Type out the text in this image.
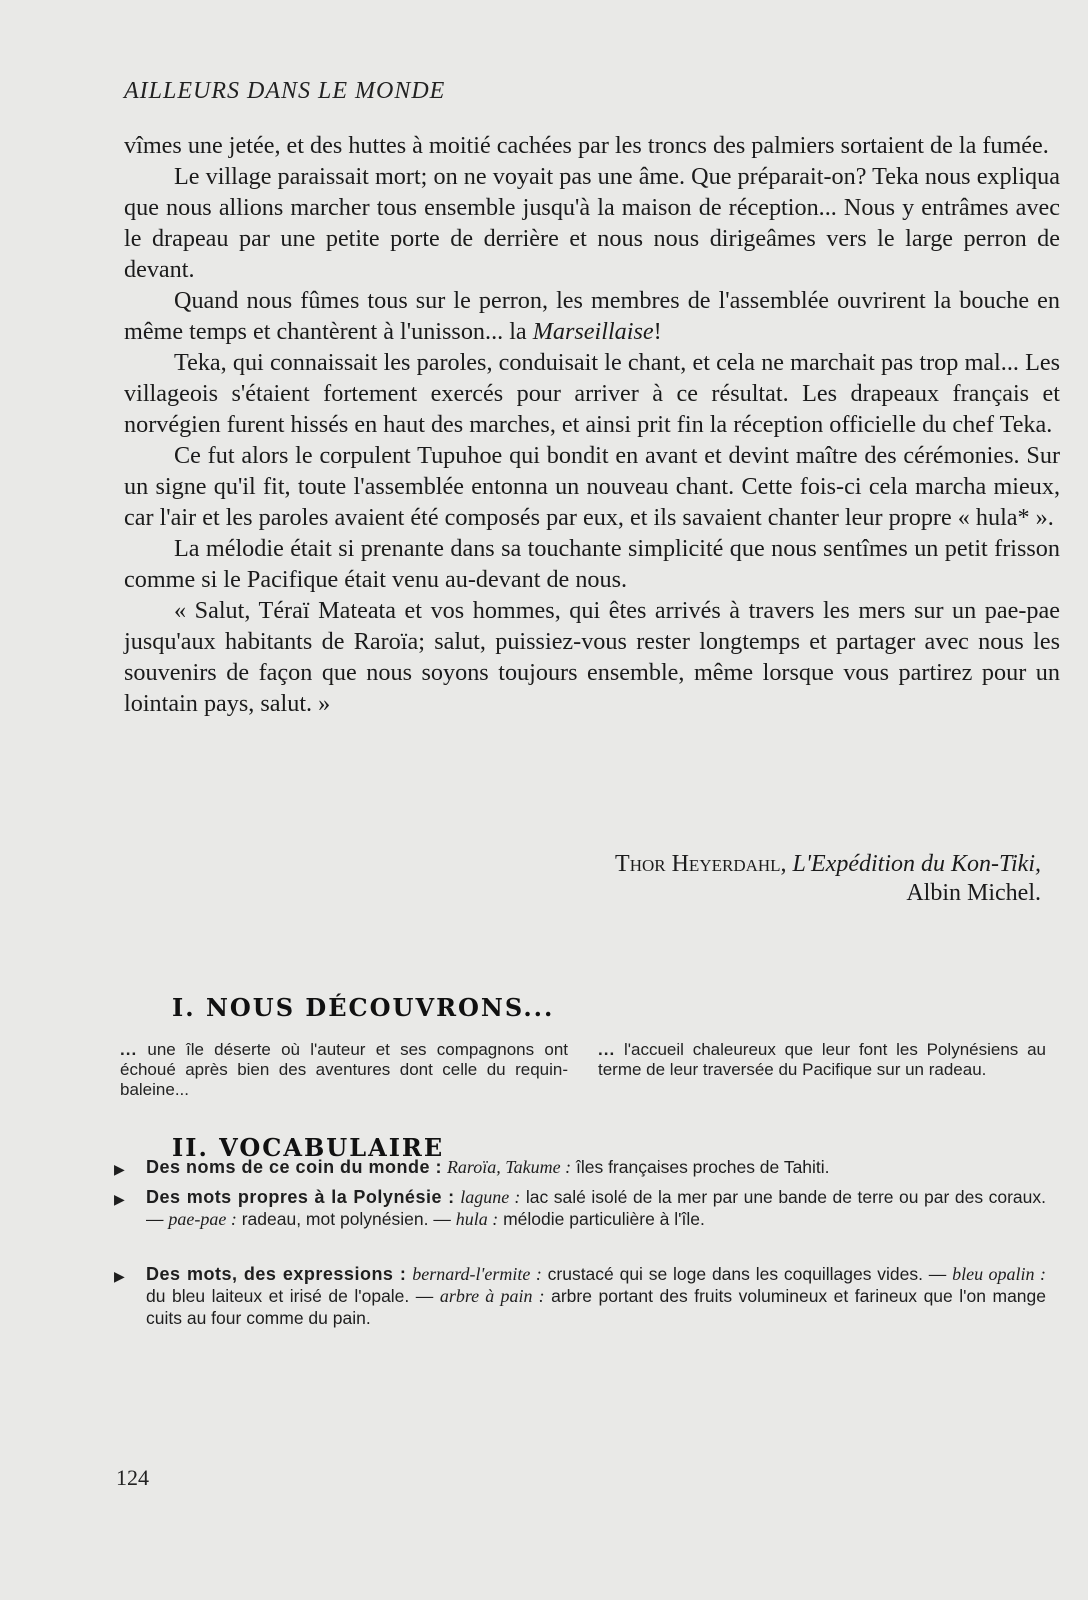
AILLEURS DANS LE MONDE

vîmes une jetée, et des huttes à moitié cachées par les troncs des palmiers sortaient de la fumée.

Le village paraissait mort; on ne voyait pas une âme. Que préparait-on? Teka nous expliqua que nous allions marcher tous ensemble jusqu'à la maison de réception... Nous y entrâmes avec le drapeau par une petite porte de derrière et nous nous dirigeâmes vers le large perron de devant.

Quand nous fûmes tous sur le perron, les membres de l'assemblée ouvrirent la bouche en même temps et chantèrent à l'unisson... la Marseillaise!

Teka, qui connaissait les paroles, conduisait le chant, et cela ne marchait pas trop mal... Les villageois s'étaient fortement exercés pour arriver à ce résultat. Les drapeaux français et norvégien furent hissés en haut des marches, et ainsi prit fin la réception officielle du chef Teka.

Ce fut alors le corpulent Tupuhoe qui bondit en avant et devint maître des cérémonies. Sur un signe qu'il fit, toute l'assemblée entonna un nouveau chant. Cette fois-ci cela marcha mieux, car l'air et les paroles avaient été composés par eux, et ils savaient chanter leur propre « hula* ».

La mélodie était si prenante dans sa touchante simplicité que nous sentîmes un petit frisson comme si le Pacifique était venu au-devant de nous.

« Salut, Téraï Mateata et vos hommes, qui êtes arrivés à travers les mers sur un pae-pae jusqu'aux habitants de Raroïa; salut, puissiez-vous rester longtemps et partager avec nous les souvenirs de façon que nous soyons toujours ensemble, même lorsque vous partirez pour un lointain pays, salut. »

Thor Heyerdahl, L'Expédition du Kon-Tiki,
Albin Michel.
I. NOUS DÉCOUVRONS...
... une île déserte où l'auteur et ses compagnons ont échoué après bien des aventures dont celle du requin-baleine...
... l'accueil chaleureux que leur font les Polynésiens au terme de leur traversée du Pacifique sur un radeau.
II. VOCABULAIRE
▶	Des noms de ce coin du monde : Raroïa, Takume : îles françaises proches de Tahiti.
▶	Des mots propres à la Polynésie : lagune : lac salé isolé de la mer par une bande de terre ou par des coraux. — pae-pae : radeau, mot polynésien. — hula : mélodie particulière à l'île.
▶	Des mots, des expressions : bernard-l'ermite : crustacé qui se loge dans les coquillages vides. — bleu opalin : du bleu laiteux et irisé de l'opale. — arbre à pain : arbre portant des fruits volumineux et farineux que l'on mange cuits au four comme du pain.
124
